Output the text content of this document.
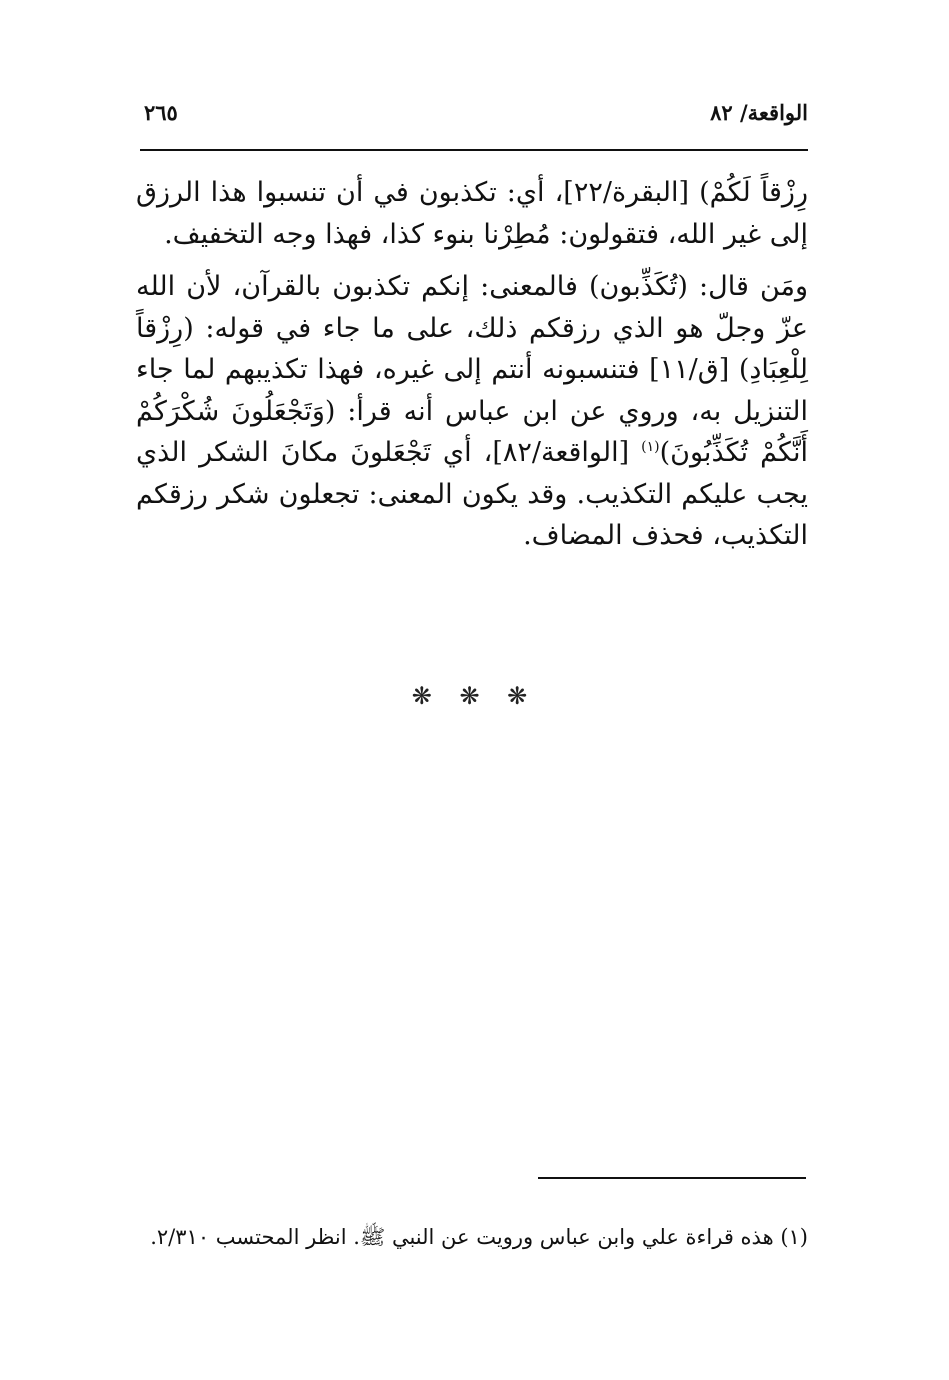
الواقعة/ ٨٢
٢٦٥

رِزْقاً لَكُمْ) [البقرة/٢٢]، أي: تكذبون في أن تنسبوا هذا الرزق إلى غير الله، فتقولون: مُطِرْنا بنوء كذا، فهذا وجه التخفيف.

ومَن قال: (تُكَذِّبون) فالمعنى: إنكم تكذبون بالقرآن، لأن الله عزّ وجلّ هو الذي رزقكم ذلك، على ما جاء في قوله: (رِزْقاً لِلْعِبَادِ) [ق/١١] فتنسبونه أنتم إلى غيره، فهذا تكذيبهم لما جاء التنزيل به، وروي عن ابن عباس أنه قرأ: (وَتَجْعَلُونَ شُكْرَكُمْ أَنَّكُمْ تُكَذِّبُونَ)$^{(١)}$ [الواقعة/٨٢]، أي تَجْعَلونَ مكانَ الشكر الذي يجب عليكم التكذيب. وقد يكون المعنى: تجعلون شكر رزقكم التكذيب، فحذف المضاف.

❋ ❋ ❋
(١) هذه قراءة علي وابن عباس ورويت عن النبي ﷺ. انظر المحتسب ٢/٣١٠.
